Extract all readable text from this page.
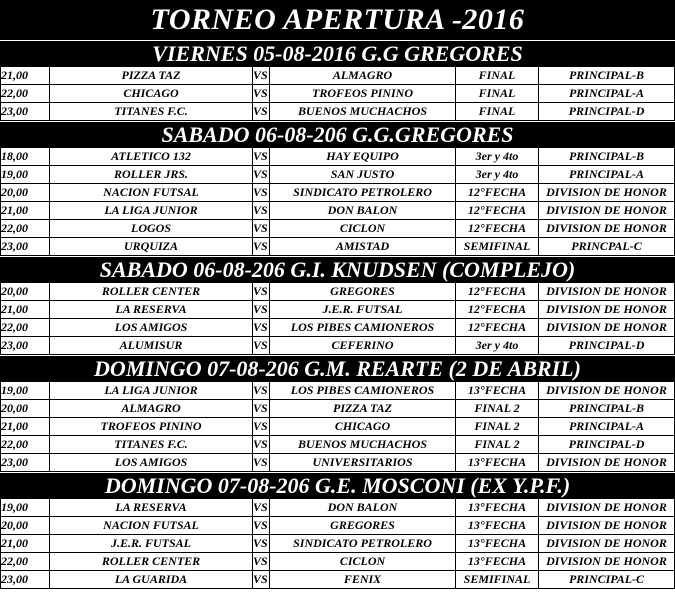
TORNEO APERTURA -2016
VIERNES 05-08-2016 G.G GREGORES
21,00	PIZZA TAZ	VS	ALMAGRO	FINAL	PRINCIPAL-B
22,00	CHICAGO	VS	TROFEOS PININO	FINAL	PRINCIPAL-A
23,00	TITANES F.C.	VS	BUENOS MUCHACHOS	FINAL	PRINCIPAL-D
SABADO 06-08-206 G.G.GREGORES
18,00	ATLETICO 132	VS	HAY EQUIPO	3er y 4to	PRINCIPAL-B
19,00	ROLLER JRS.	VS	SAN JUSTO	3er y 4to	PRINCIPAL-A
20,00	NACION FUTSAL	VS	SINDICATO PETROLERO	12°FECHA	DIVISION DE HONOR
21,00	LA LIGA JUNIOR	VS	DON BALON	12°FECHA	DIVISION DE HONOR
22,00	LOGOS	VS	CICLON	12°FECHA	DIVISION DE HONOR
23,00	URQUIZA	VS	AMISTAD	SEMIFINAL	PRINCPAL-C
SABADO 06-08-206 G.I. KNUDSEN (COMPLEJO)
20,00	ROLLER CENTER	VS	GREGORES	12°FECHA	DIVISION DE HONOR
21,00	LA RESERVA	VS	J.E.R. FUTSAL	12°FECHA	DIVISION DE HONOR
22,00	LOS AMIGOS	VS	LOS PIBES CAMIONEROS	12°FECHA	DIVISION DE HONOR
23,00	ALUMISUR	VS	CEFERINO	3er y 4to	PRINCIPAL-D
DOMINGO 07-08-206 G.M. REARTE (2 DE ABRIL)
19,00	LA LIGA JUNIOR	VS	LOS PIBES CAMIONEROS	13°FECHA	DIVISION DE HONOR
20,00	ALMAGRO	VS	PIZZA TAZ	FINAL 2	PRINCIPAL-B
21,00	TROFEOS PININO	VS	CHICAGO	FINAL 2	PRINCIPAL-A
22,00	TITANES F.C.	VS	BUENOS MUCHACHOS	FINAL 2	PRINCIPAL-D
23,00	LOS AMIGOS	VS	UNIVERSITARIOS	13°FECHA	DIVISION DE HONOR
DOMINGO 07-08-206 G.E. MOSCONI (EX Y.P.F.)
19,00	LA RESERVA	VS	DON BALON	13°FECHA	DIVISION DE HONOR
20,00	NACION FUTSAL	VS	GREGORES	13°FECHA	DIVISION DE HONOR
21,00	J.E.R. FUTSAL	VS	SINDICATO PETROLERO	13°FECHA	DIVISION DE HONOR
22,00	ROLLER CENTER	VS	CICLON	13°FECHA	DIVISION DE HONOR
23,00	LA GUARIDA	VS	FENIX	SEMIFINAL	PRINCIPAL-C
